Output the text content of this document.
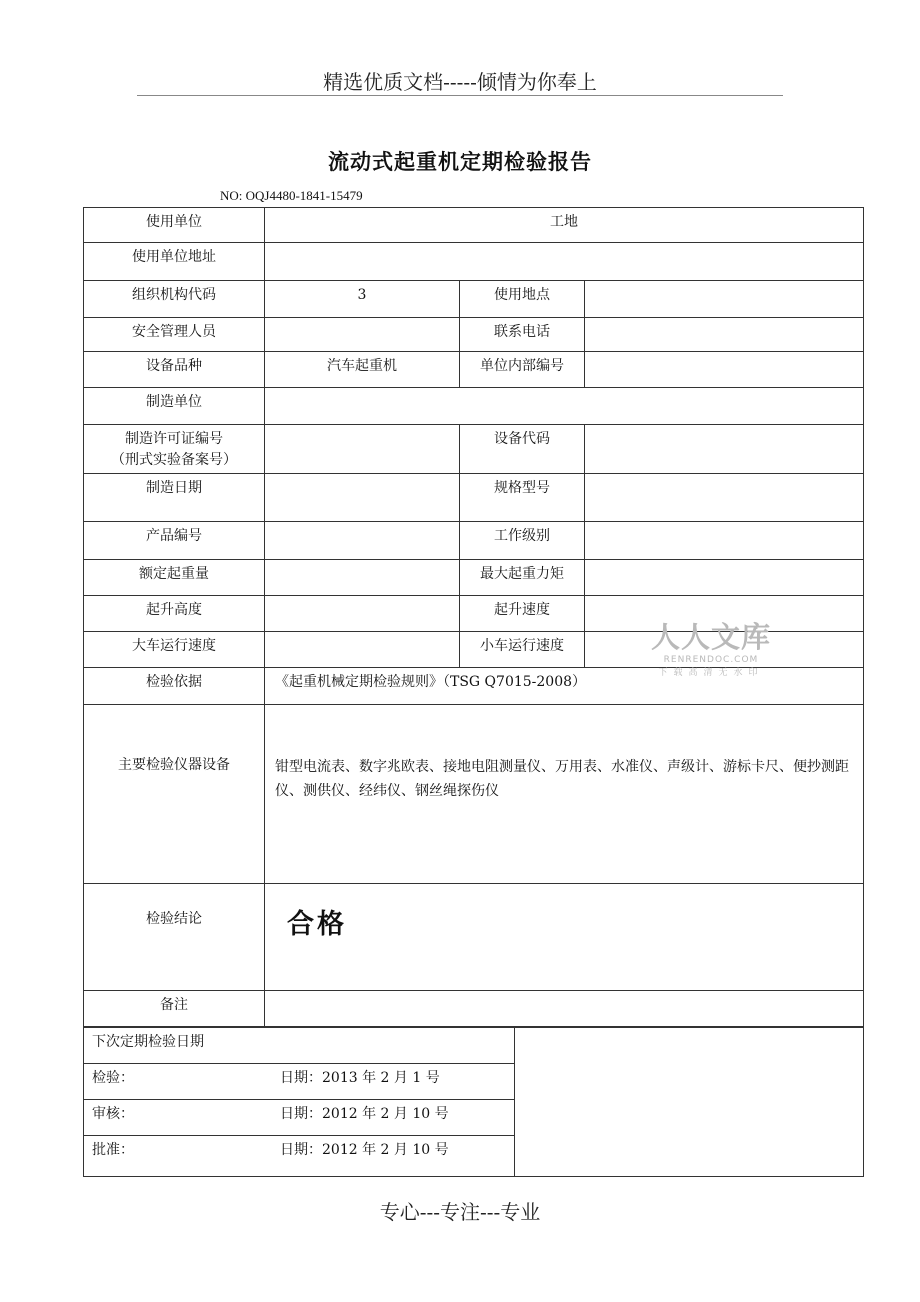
精选优质文档-----倾情为你奉上
流动式起重机定期检验报告
NO: OQJ4480-1841-15479
使用单位	工地		
使用单位地址			
组织机构代码	3	使用地点	
安全管理人员		联系电话	
设备品种	汽车起重机	单位内部编号	
制造单位			

制造许可证编号
（刑式实验备案号）		设备代码	
制造日期		规格型号	
产品编号		工作级别	
额定起重量		最大起重力矩	
起升高度		起升速度	
大车运行速度		小车运行速度	
检验依据	《起重机械定期检验规则》（TSG Q7015-2008）		
主要检验仪器设备	钳型电流表、数字兆欧表、接地电阻测量仪、万用表、水准仪、声级计、游标卡尺、便抄测距仪、测供仪、经纬仪、钢丝绳探伤仪		
检验结论	合格		
备注			
下次定期检验日期	
检验：	日期：2013 年 2 月 1 号
审核：	日期：2012 年 2 月 10 号
批准：	日期：2012 年 2 月 10 号
人人文库
RENRENDOC.COM
下载高清无水印
专心---专注---专业
